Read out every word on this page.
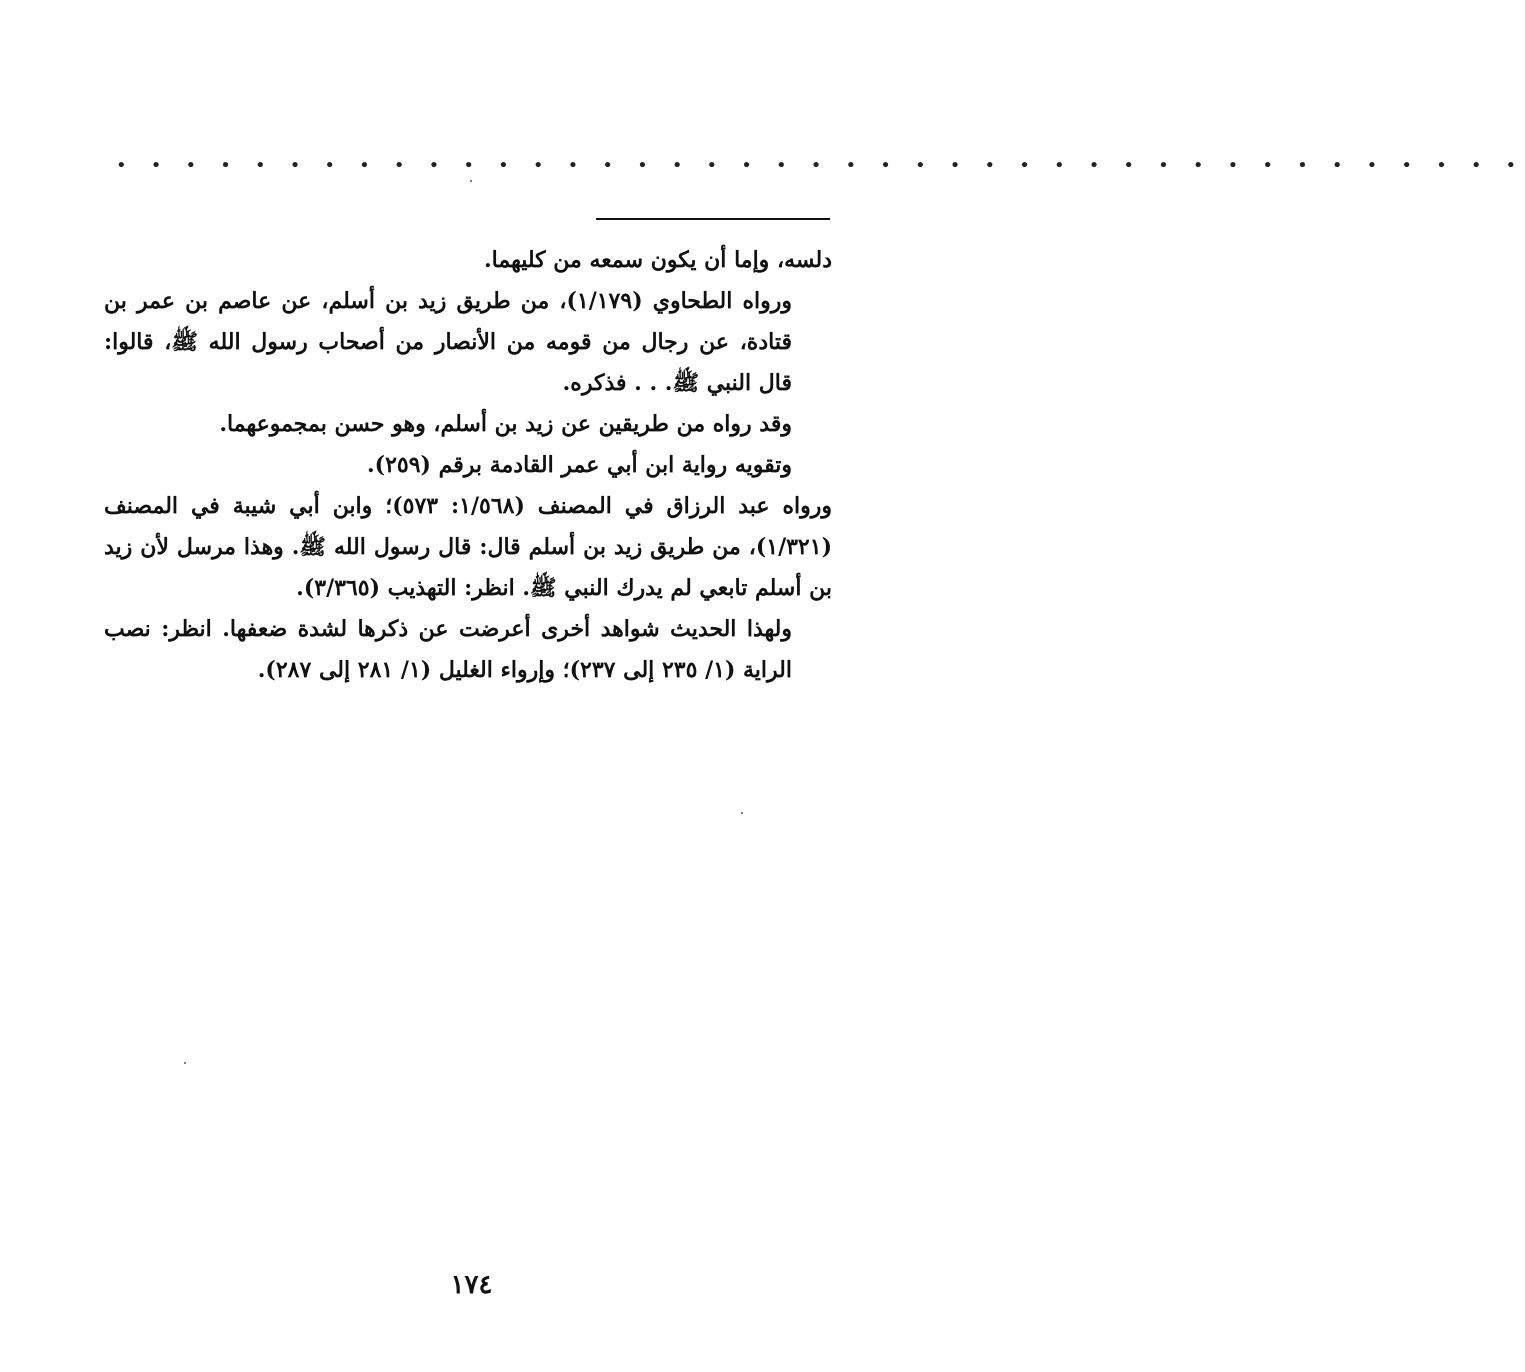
• • • • • • • • • • • • • • • • • • • • • • • • • • • • • • • • • • • • • • • • •

دلسه، وإما أن يكون سمعه من كليهما.

ورواه الطحاوي (١/١٧٩)، من طريق زيد بن أسلم، عن عاصم بن عمر بن قتادة، عن رجال من قومه من الأنصار من أصحاب رسول الله ﷺ، قالوا: قال النبي ﷺ. . . فذكره.

وقد رواه من طريقين عن زيد بن أسلم، وهو حسن بمجموعهما.

وتقويه رواية ابن أبي عمر القادمة برقم (٢٥٩).

ورواه عبد الرزاق في المصنف (١/٥٦٨: ٥٧٣)؛ وابن أبي شيبة في المصنف (١/٣٢١)، من طريق زيد بن أسلم قال: قال رسول الله ﷺ. وهذا مرسل لأن زيد بن أسلم تابعي لم يدرك النبي ﷺ. انظر: التهذيب (٣/٣٦٥).

ولهذا الحديث شواهد أخرى أعرضت عن ذكرها لشدة ضعفها. انظر: نصب الراية (١/ ٢٣٥ إلى ٢٣٧)؛ وإرواء الغليل (١/ ٢٨١ إلى ٢٨٧).

١٧٤
